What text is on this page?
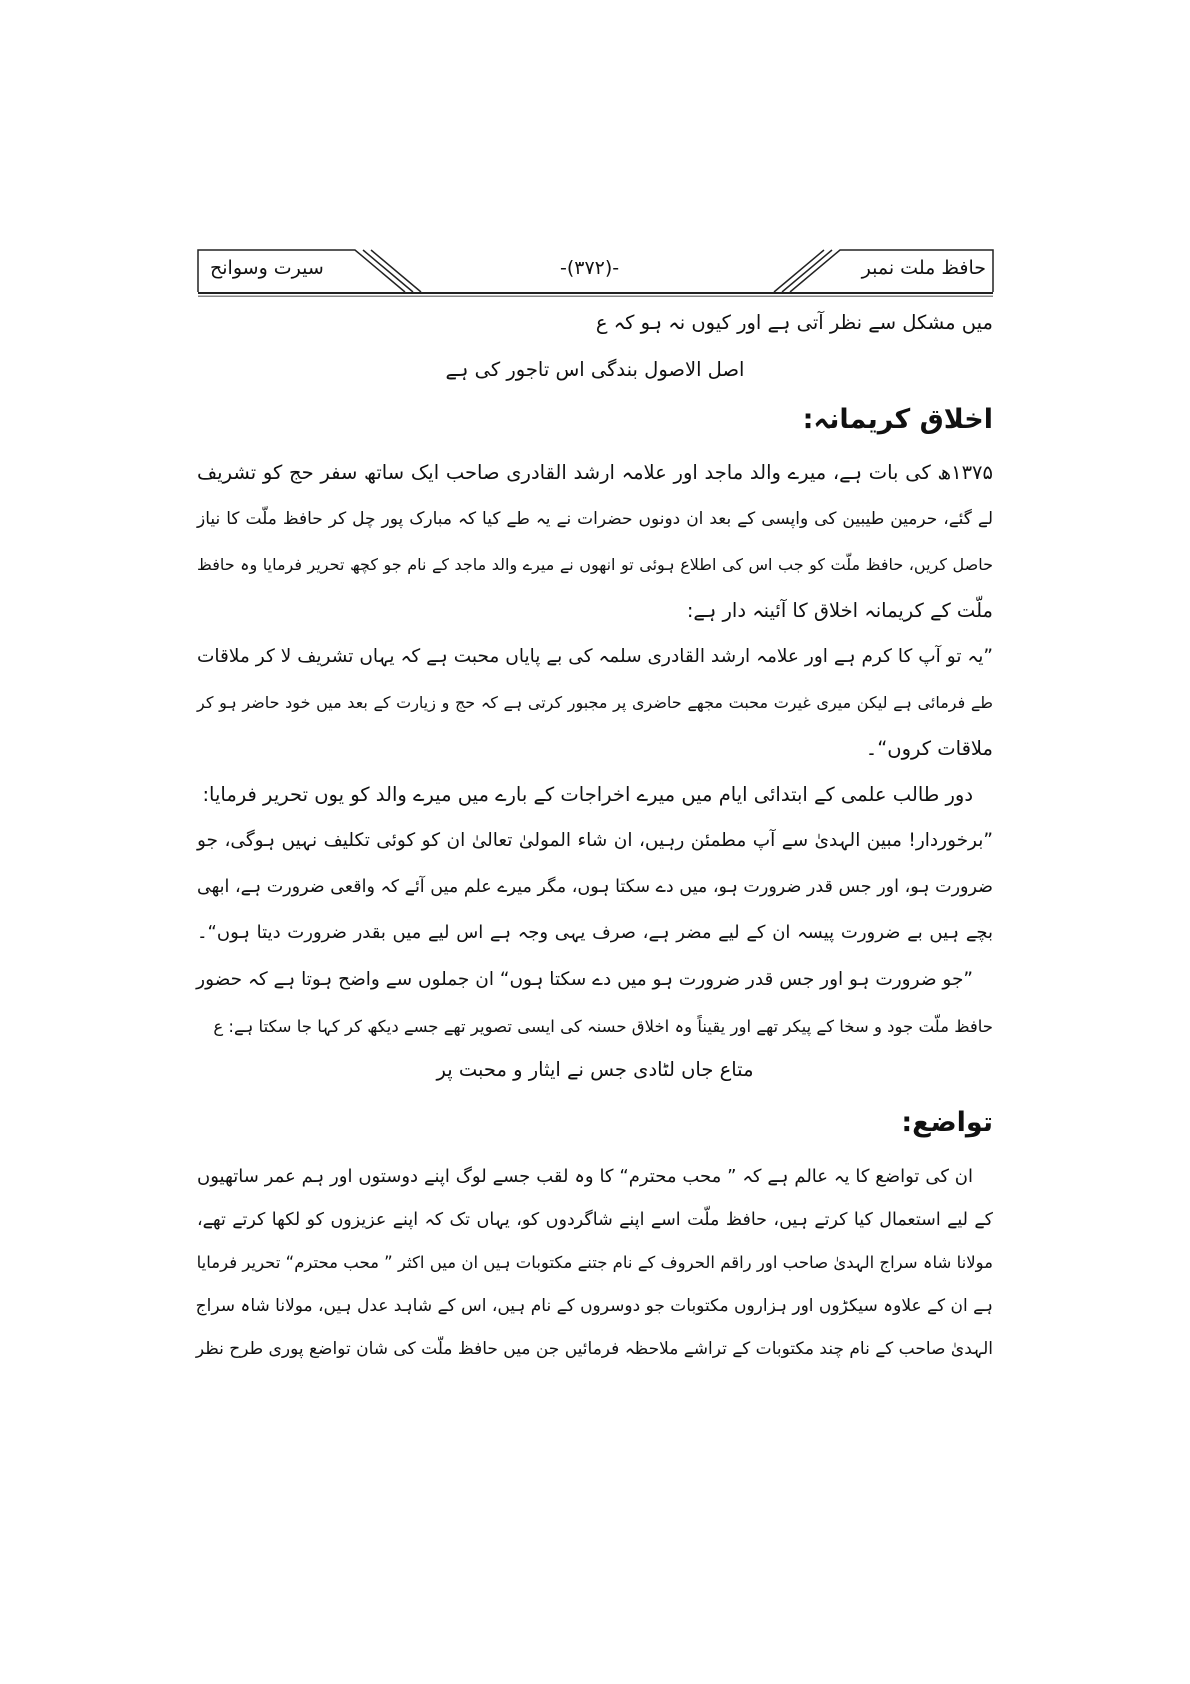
حافظ ملت نمبر
-(۳۷۲)-
سیرت وسوانح
میں مشکل سے نظر آتی ہے اور کیوں نہ ہو کہ ع
اصل الاصول بندگی اس تاجور کی ہے
اخلاق کریمانہ:
۱۳۷۵ھ کی بات ہے، میرے والد ماجد اور علامہ ارشد القادری صاحب ایک ساتھ سفر حج کو تشریف
لے گئے، حرمین طیبین کی واپسی کے بعد ان دونوں حضرات نے یہ طے کیا کہ مبارک پور چل کر حافظ ملّت کا نیاز
حاصل کریں، حافظ ملّت کو جب اس کی اطلاع ہوئی تو انھوں نے میرے والد ماجد کے نام جو کچھ تحریر فرمایا وہ حافظ
ملّت کے کریمانہ اخلاق کا آئینہ دار ہے:
”یہ تو آپ کا کرم ہے اور علامہ ارشد القادری سلمہ کی بے پایاں محبت ہے کہ یہاں تشریف لا کر ملاقات
طے فرمائی ہے لیکن میری غیرت محبت مجھے حاضری پر مجبور کرتی ہے کہ حج و زیارت کے بعد میں خود حاضر ہو کر
ملاقات کروں“۔
دور طالب علمی کے ابتدائی ایام میں میرے اخراجات کے بارے میں میرے والد کو یوں تحریر فرمایا:
”برخوردار! مبین الہدیٰ سے آپ مطمئن رہیں، ان شاء المولیٰ تعالیٰ ان کو کوئی تکلیف نہیں ہوگی، جو
ضرورت ہو، اور جس قدر ضرورت ہو، میں دے سکتا ہوں، مگر میرے علم میں آئے کہ واقعی ضرورت ہے، ابھی
بچے ہیں بے ضرورت پیسہ ان کے لیے مضر ہے، صرف یہی وجہ ہے اس لیے میں بقدر ضرورت دیتا ہوں“۔
”جو ضرورت ہو اور جس قدر ضرورت ہو میں دے سکتا ہوں“ ان جملوں سے واضح ہوتا ہے کہ حضور
حافظ ملّت جود و سخا کے پیکر تھے اور یقیناً وہ اخلاق حسنہ کی ایسی تصویر تھے جسے دیکھ کر کہا جا سکتا ہے: ع
متاع جاں لٹادی جس نے ایثار و محبت پر
تواضع:
ان کی تواضع کا یہ عالم ہے کہ ” محب محترم“ کا وہ لقب جسے لوگ اپنے دوستوں اور ہم عمر ساتھیوں
کے لیے استعمال کیا کرتے ہیں، حافظ ملّت اسے اپنے شاگردوں کو، یہاں تک کہ اپنے عزیزوں کو لکھا کرتے تھے،
مولانا شاہ سراج الہدیٰ صاحب اور راقم الحروف کے نام جتنے مکتوبات ہیں ان میں اکثر ” محب محترم“ تحریر فرمایا
ہے ان کے علاوہ سیکڑوں اور ہزاروں مکتوبات جو دوسروں کے نام ہیں، اس کے شاہد عدل ہیں، مولانا شاہ سراج
الہدیٰ صاحب کے نام چند مکتوبات کے تراشے ملاحظہ فرمائیں جن میں حافظ ملّت کی شان تواضع پوری طرح نظر
